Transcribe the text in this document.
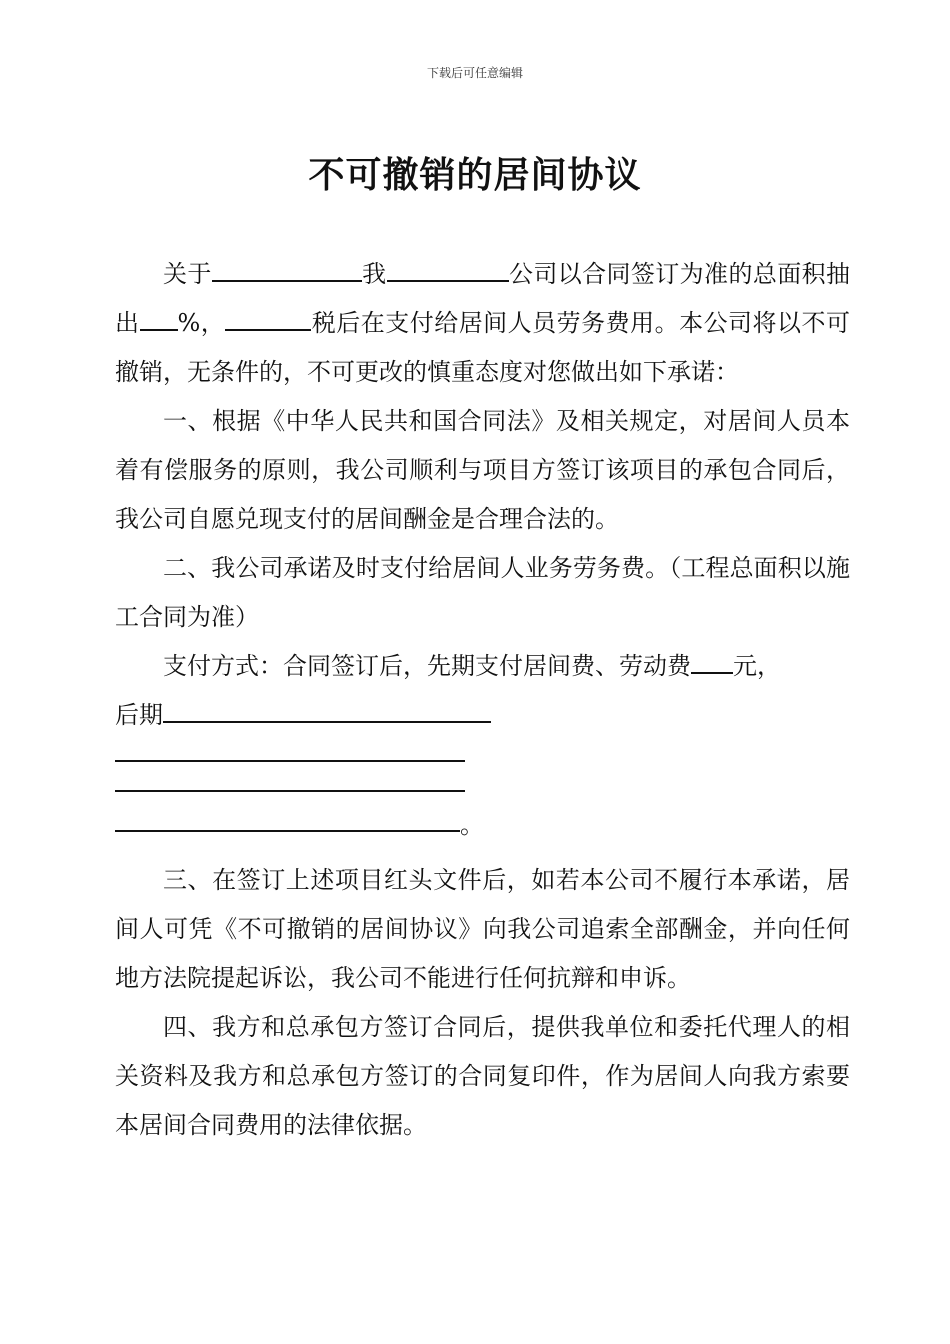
下载后可任意编辑
不可撤销的居间协议

关于	我	公司以合同签订为准的总面积抽出 %，	税后在支付给居间人员劳务费用。本公司将以不可撤销，无条件的，不可更改的慎重态度对您做出如下承诺：

一、根据《中华人民共和国合同法》及相关规定，对居间人员本着有偿服务的原则，我公司顺利与项目方签订该项目的承包合同后，我公司自愿兑现支付的居间酬金是合理合法的。

二、我公司承诺及时支付给居间人业务劳务费。（工程总面积以施工合同为准）

支付方式：合同签订后，先期支付居间费、劳动费 元，

后期

。

三、在签订上述项目红头文件后，如若本公司不履行本承诺，居间人可凭《不可撤销的居间协议》向我公司追索全部酬金，并向任何地方法院提起诉讼，我公司不能进行任何抗辩和申诉。

四、我方和总承包方签订合同后，提供我单位和委托代理人的相关资料及我方和总承包方签订的合同复印件，作为居间人向我方索要本居间合同费用的法律依据。
